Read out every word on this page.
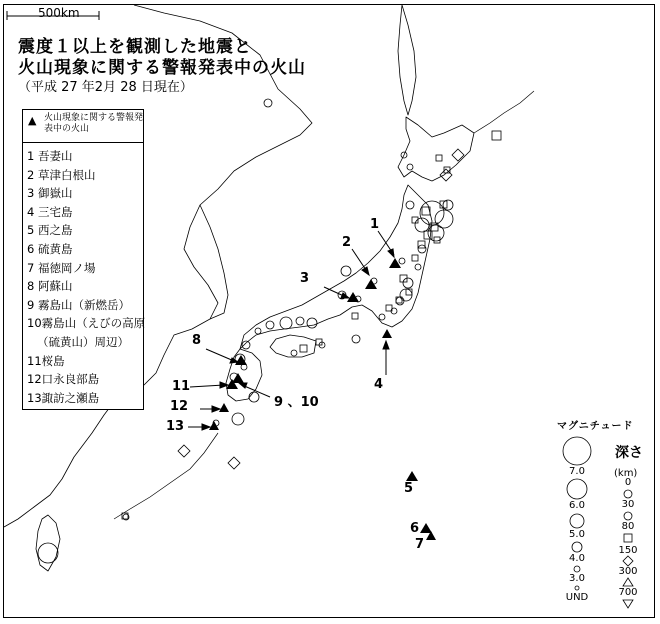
500km
震度１以上を観測した地震と
火山現象に関する警報発表中の火山
（平成 27 年2月 28 日現在）
▲ 火山現象に関する警報発表中の火山
1 吾妻山
2 草津白根山
3 御嶽山
4 三宅島
5 西之島
6 硫黄島
7 福徳岡ノ場
8 阿蘇山
9 霧島山（新燃岳）
10霧島山（えびの高原
（硫黄山）周辺）
11桜島
12口永良部島
13諏訪之瀬島
1
2
3
4
5
6
7
8
9 、10
11
12
13	マグニチュード
7.0
6.0
5.0
4.0
3.0
UND
深さ
(km)
0
30
80
150
300
700
